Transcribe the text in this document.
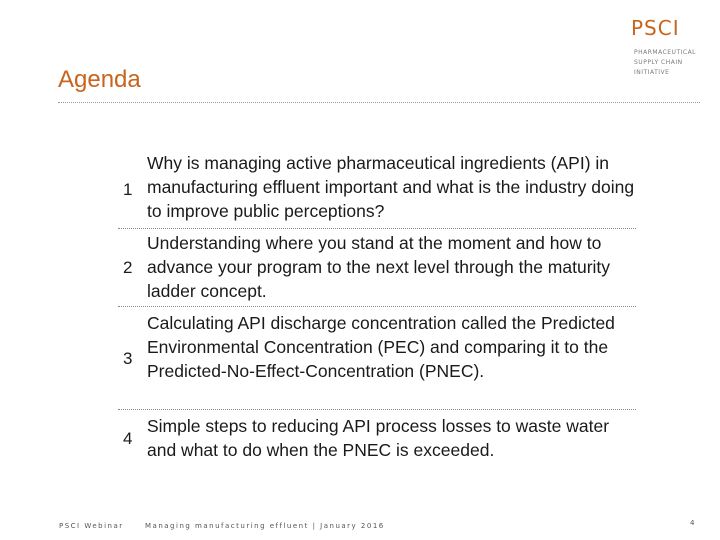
PSCI
PHARMACEUTICAL
SUPPLY CHAIN
INITIATIVE
Agenda
1
Why is managing active pharmaceutical ingredients (API) in manufacturing effluent important and what is the industry doing to improve public perceptions?
2
Understanding where you stand at the moment and how to advance your program to the next level through the maturity ladder concept.
3
Calculating API discharge concentration called the Predicted Environmental Concentration (PEC) and comparing it to the Predicted-No-Effect-Concentration (PNEC).
4
Simple steps to reducing API process losses to waste water and what to do when the PNEC is exceeded.
PSCI Webinar	Managing manufacturing effluent | January 2016	4
